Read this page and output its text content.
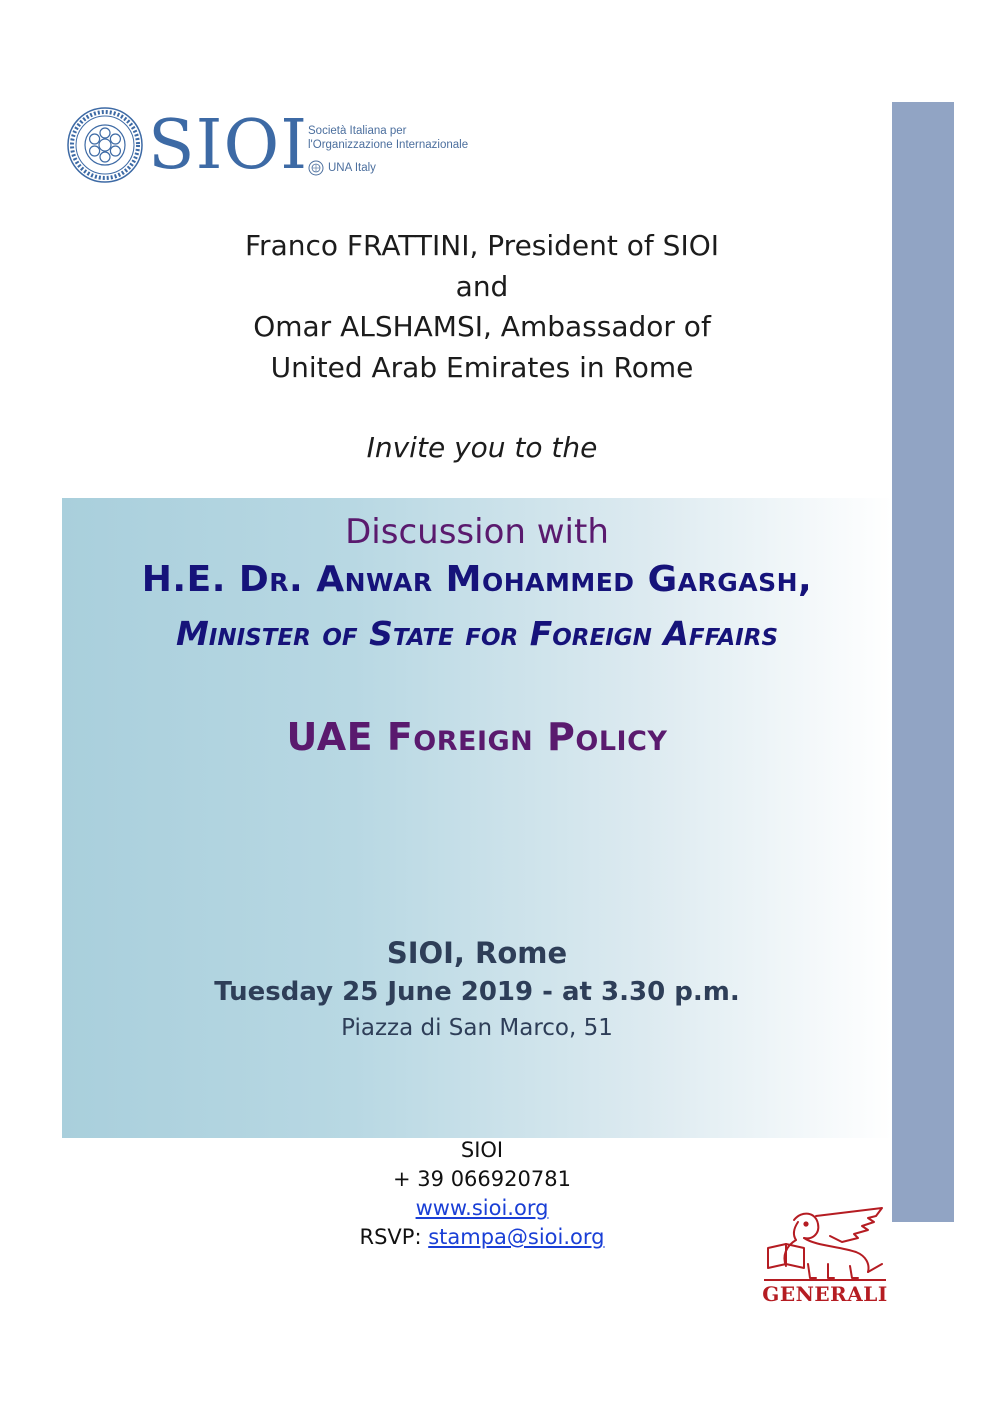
SIOI Società Italiana per
l'Organizzazione Internazionale
UNA Italy
Franco FRATTINI, President of SIOI
and
Omar ALSHAMSI, Ambassador of
United Arab Emirates in Rome
Invite you to the
Discussion with
H.E. Dr. Anwar Mohammed Gargash,
Minister of State for Foreign Affairs
UAE Foreign Policy
SIOI, Rome
Tuesday 25 June 2019 - at 3.30 p.m.
Piazza di San Marco, 51
SIOI
+ 39 066920781
www.sioi.org
RSVP: stampa@sioi.org
GENERALI
